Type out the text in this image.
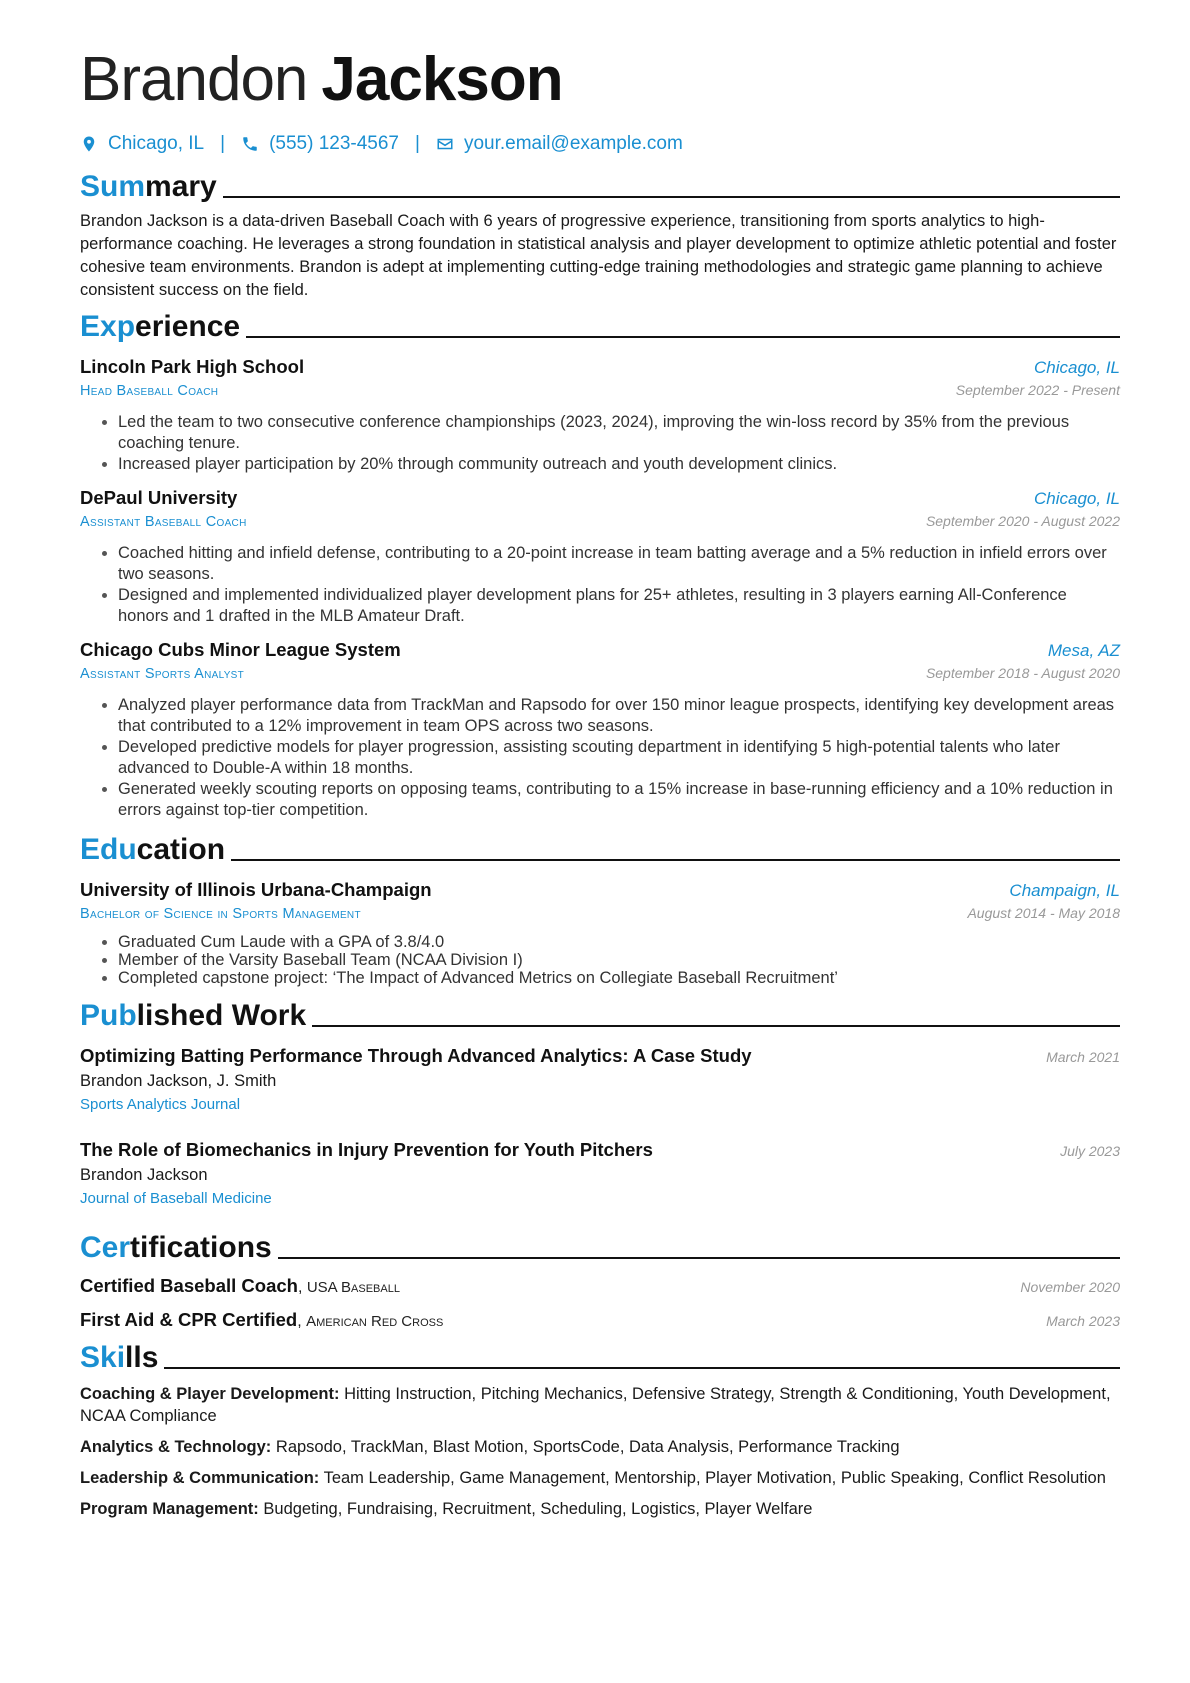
Brandon Jackson
Chicago, IL | (555) 123-4567 | your.email@example.com
Summary
Brandon Jackson is a data-driven Baseball Coach with 6 years of progressive experience, transitioning from sports analytics to high-performance coaching. He leverages a strong foundation in statistical analysis and player development to optimize athletic potential and foster cohesive team environments. Brandon is adept at implementing cutting-edge training methodologies and strategic game planning to achieve consistent success on the field.
Experience
Lincoln Park High School	Chicago, IL
Head Baseball Coach	September 2022 - Present
• Led the team to two consecutive conference championships (2023, 2024), improving the win-loss record by 35% from the previous coaching tenure.
• Increased player participation by 20% through community outreach and youth development clinics.
DePaul University	Chicago, IL
Assistant Baseball Coach	September 2020 - August 2022
• Coached hitting and infield defense, contributing to a 20-point increase in team batting average and a 5% reduction in infield errors over two seasons.
• Designed and implemented individualized player development plans for 25+ athletes, resulting in 3 players earning All-Conference honors and 1 drafted in the MLB Amateur Draft.
Chicago Cubs Minor League System	Mesa, AZ
Assistant Sports Analyst	September 2018 - August 2020
• Analyzed player performance data from TrackMan and Rapsodo for over 150 minor league prospects, identifying key development areas that contributed to a 12% improvement in team OPS across two seasons.
• Developed predictive models for player progression, assisting scouting department in identifying 5 high-potential talents who later advanced to Double-A within 18 months.
• Generated weekly scouting reports on opposing teams, contributing to a 15% increase in base-running efficiency and a 10% reduction in errors against top-tier competition.
Education
University of Illinois Urbana-Champaign	Champaign, IL
Bachelor of Science in Sports Management	August 2014 - May 2018
• Graduated Cum Laude with a GPA of 3.8/4.0
• Member of the Varsity Baseball Team (NCAA Division I)
• Completed capstone project: ‘The Impact of Advanced Metrics on Collegiate Baseball Recruitment’
Published Work
Optimizing Batting Performance Through Advanced Analytics: A Case Study	March 2021
Brandon Jackson, J. Smith
Sports Analytics Journal
The Role of Biomechanics in Injury Prevention for Youth Pitchers	July 2023
Brandon Jackson
Journal of Baseball Medicine
Certifications
Certified Baseball Coach, USA Baseball	November 2020
First Aid & CPR Certified, American Red Cross	March 2023
Skills
Coaching & Player Development: Hitting Instruction, Pitching Mechanics, Defensive Strategy, Strength & Conditioning, Youth Development, NCAA Compliance
Analytics & Technology: Rapsodo, TrackMan, Blast Motion, SportsCode, Data Analysis, Performance Tracking
Leadership & Communication: Team Leadership, Game Management, Mentorship, Player Motivation, Public Speaking, Conflict Resolution
Program Management: Budgeting, Fundraising, Recruitment, Scheduling, Logistics, Player Welfare
